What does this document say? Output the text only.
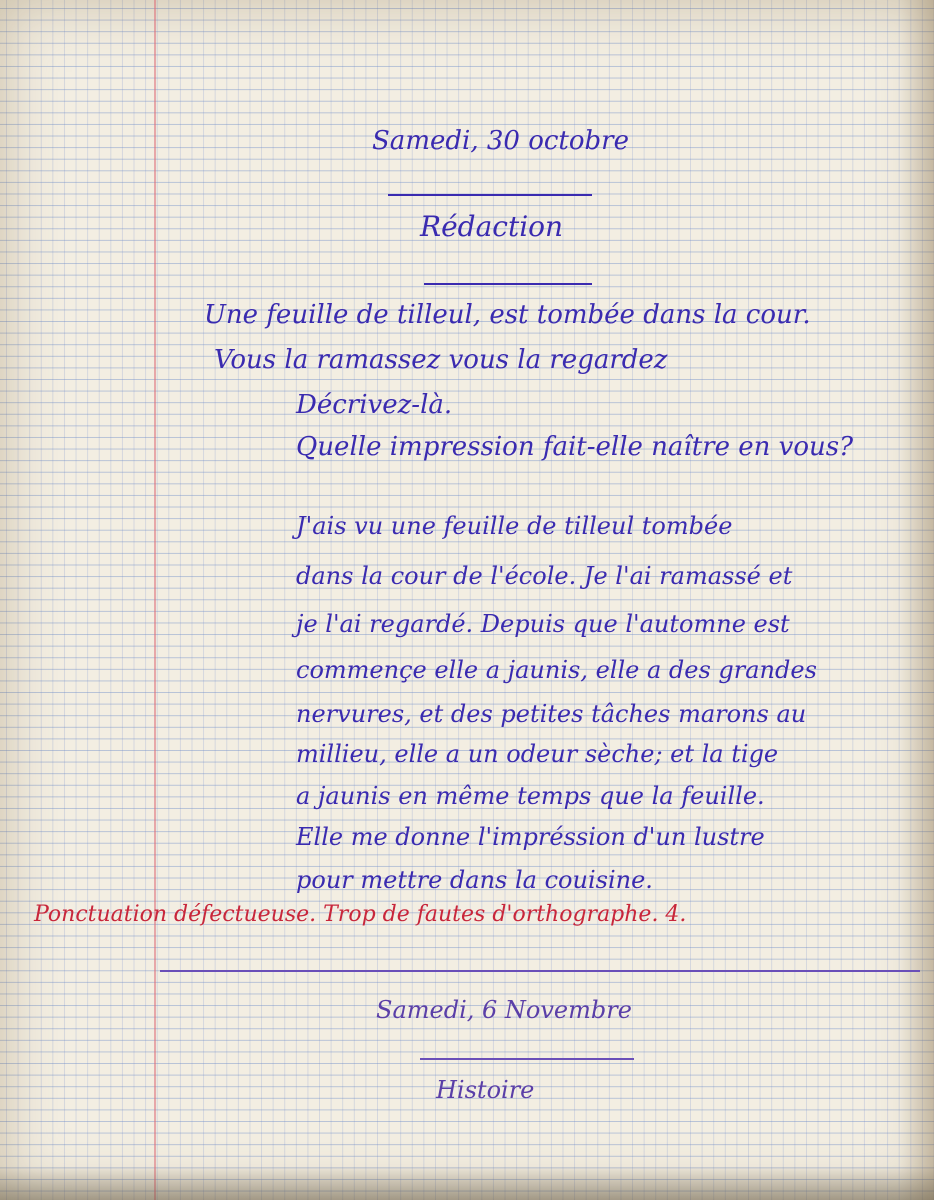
Samedi, 30 octobre
Rédaction
Une feuille de tilleul, est tombée dans la cour.
Vous la ramassez vous la regardez
Décrivez-là.
Quelle impression fait-elle naître en vous?
J'ais vu une feuille de tilleul tombée
dans la cour de l'école. Je l'ai ramassé et
je l'ai regardé. Depuis que l'automne est
commençe elle a jaunis, elle a des grandes
nervures, et des petites tâches marons au
millieu, elle a un odeur sèche; et la tige
a jaunis en même temps que la feuille.
Elle me donne l'impréssion d'un lustre
pour mettre dans la couisine.
Ponctuation défectueuse. Trop de fautes d'orthographe. 4.
Samedi, 6 Novembre
Histoire
